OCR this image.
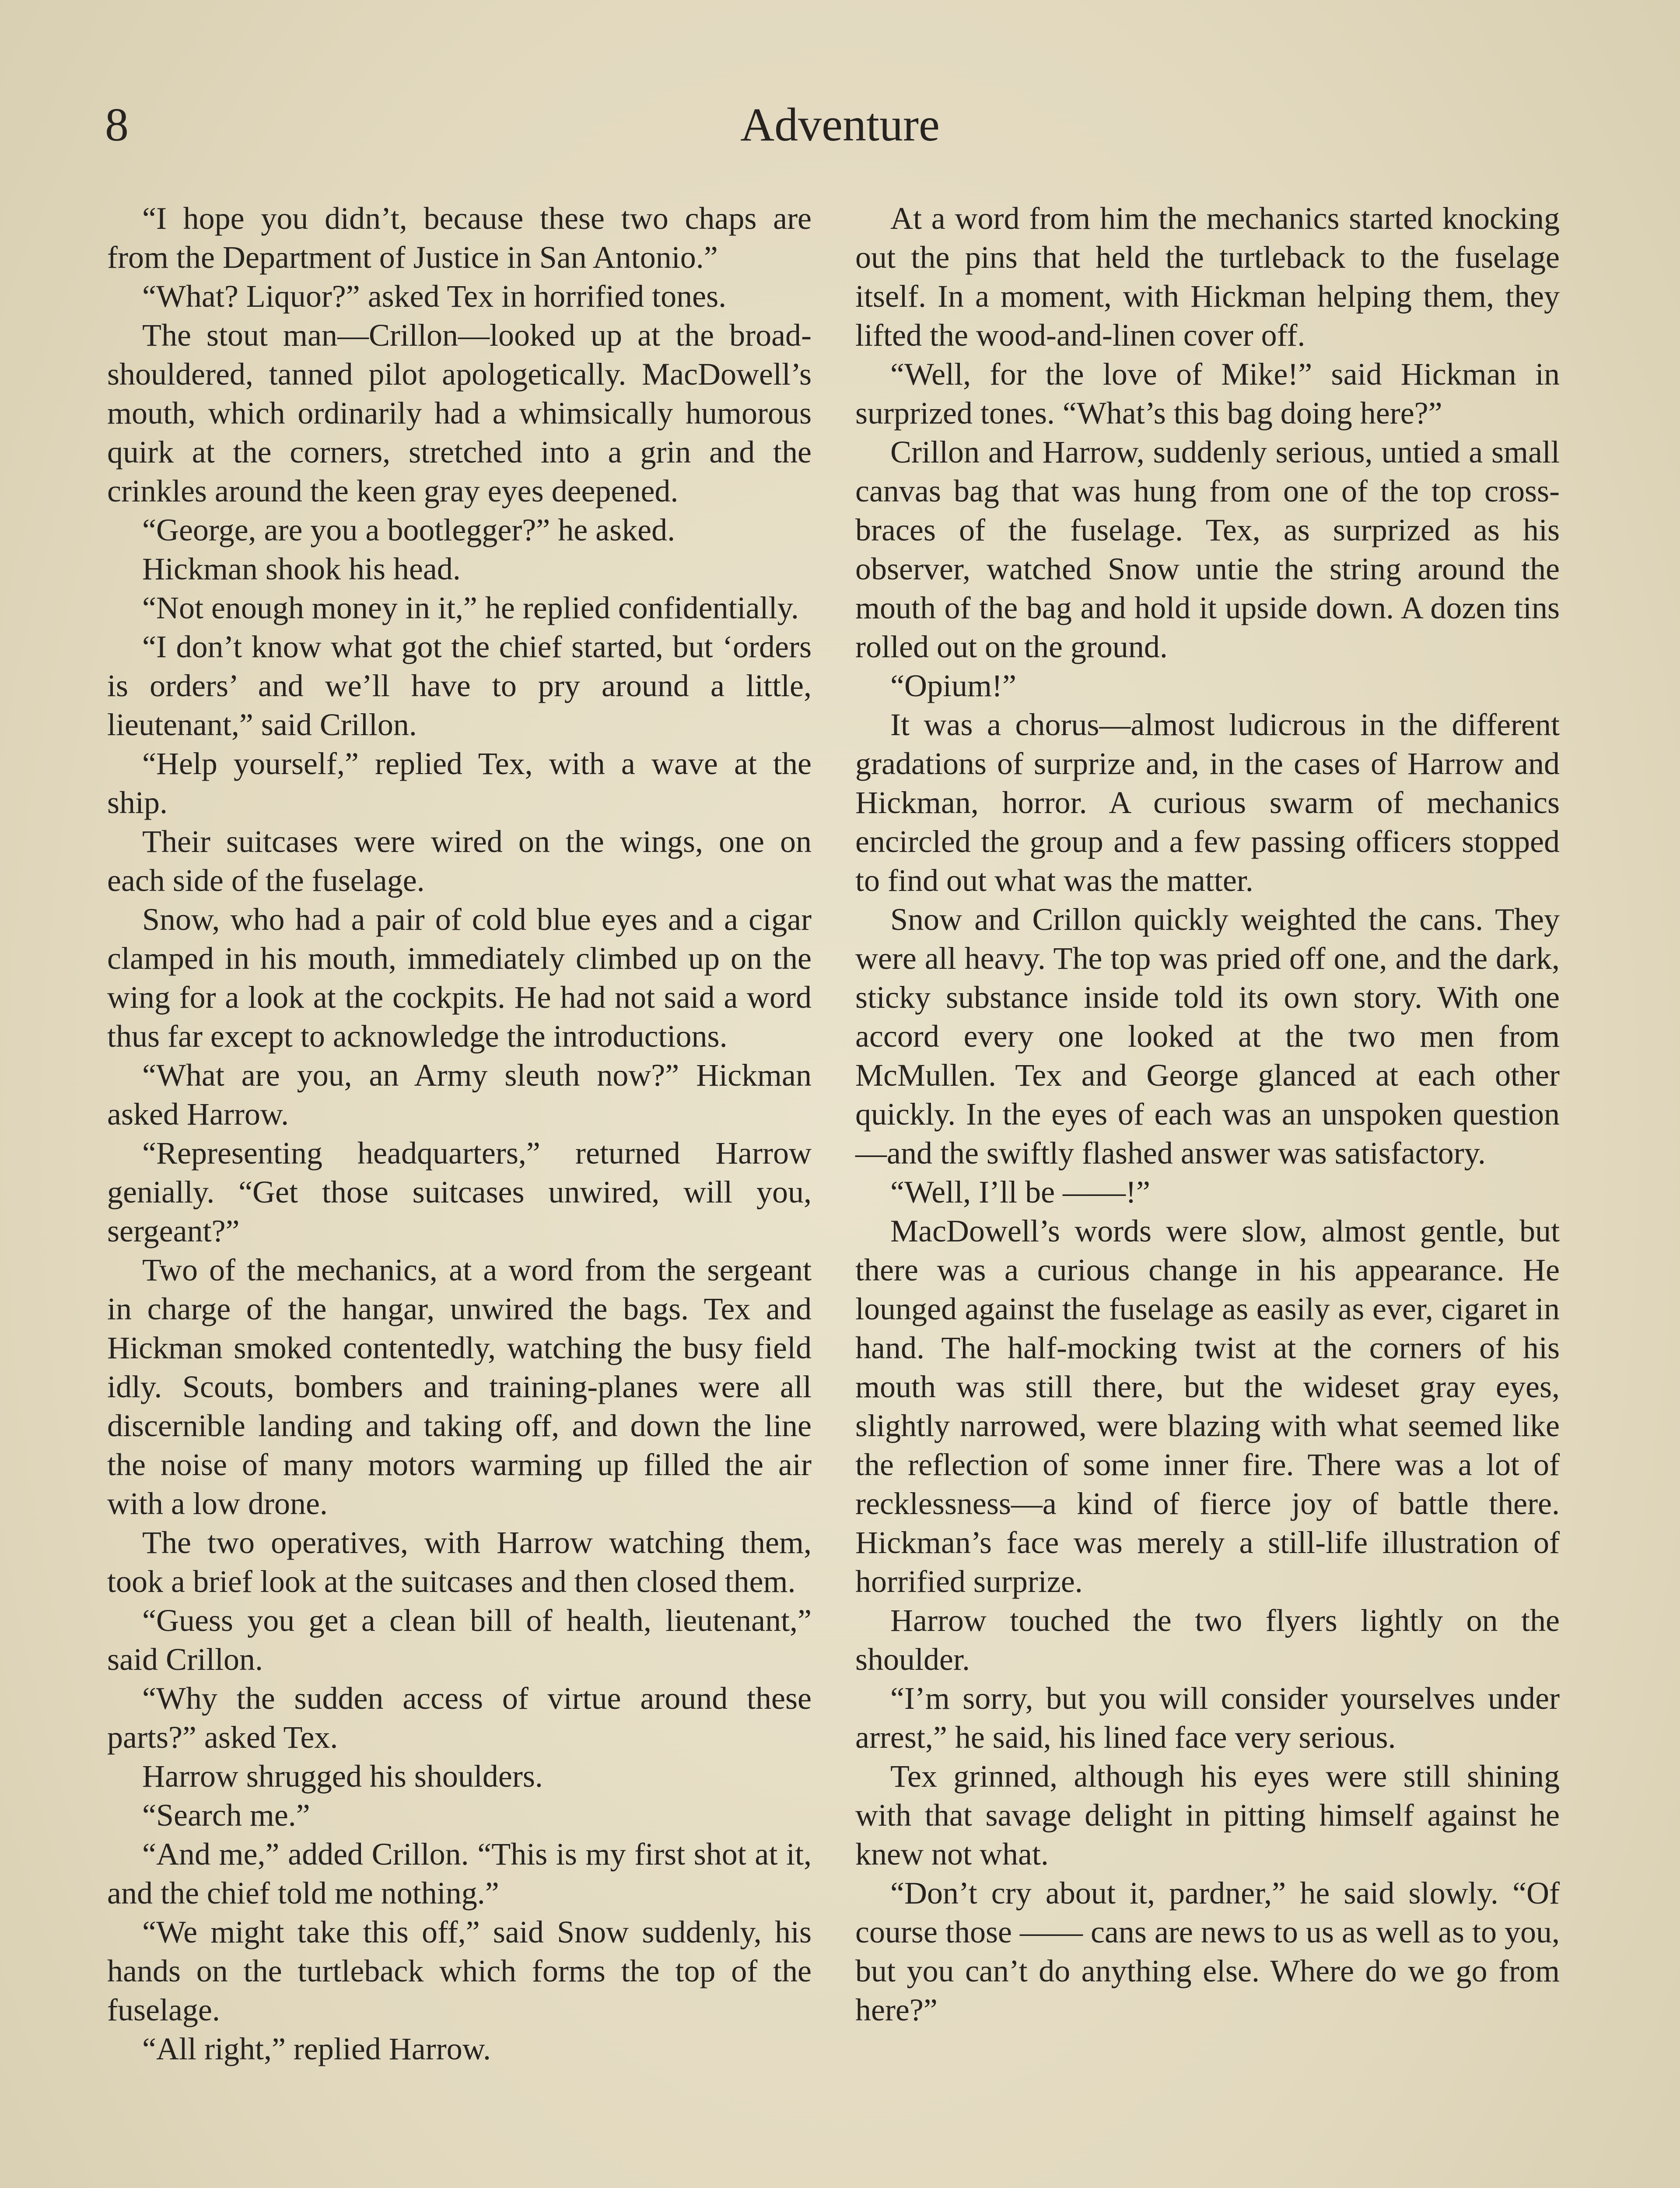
8	Adventure

“I hope you didn’t, because these two chaps are from the Department of Justice in San Antonio.”

“What? Liquor?” asked Tex in horrified tones.

The stout man—Crillon—looked up at the broad-shouldered, tanned pilot apologetically. MacDowell’s mouth, which ordinarily had a whimsically humorous quirk at the corners, stretched into a grin and the crinkles around the keen gray eyes deepened.

“George, are you a bootlegger?” he asked.

Hickman shook his head.

“Not enough money in it,” he replied confidentially.

“I don’t know what got the chief started, but ‘orders is orders’ and we’ll have to pry around a little, lieutenant,” said Crillon.

“Help yourself,” replied Tex, with a wave at the ship.

Their suitcases were wired on the wings, one on each side of the fuselage.

Snow, who had a pair of cold blue eyes and a cigar clamped in his mouth, immediately climbed up on the wing for a look at the cockpits. He had not said a word thus far except to acknowledge the introductions.

“What are you, an Army sleuth now?” Hickman asked Harrow.

“Representing headquarters,” returned Harrow genially. “Get those suitcases unwired, will you, sergeant?”

Two of the mechanics, at a word from the sergeant in charge of the hangar, unwired the bags. Tex and Hickman smoked contentedly, watching the busy field idly. Scouts, bombers and training-planes were all discernible landing and taking off, and down the line the noise of many motors warming up filled the air with a low drone.

The two operatives, with Harrow watching them, took a brief look at the suitcases and then closed them.

“Guess you get a clean bill of health, lieutenant,” said Crillon.

“Why the sudden access of virtue around these parts?” asked Tex.

Harrow shrugged his shoulders.

“Search me.”

“And me,” added Crillon. “This is my first shot at it, and the chief told me nothing.”

“We might take this off,” said Snow suddenly, his hands on the turtleback which forms the top of the fuselage.

“All right,” replied Harrow.

At a word from him the mechanics started knocking out the pins that held the turtleback to the fuselage itself. In a moment, with Hickman helping them, they lifted the wood-and-linen cover off.

“Well, for the love of Mike!” said Hickman in surprized tones. “What’s this bag doing here?”

Crillon and Harrow, suddenly serious, untied a small canvas bag that was hung from one of the top cross-braces of the fuselage. Tex, as surprized as his observer, watched Snow untie the string around the mouth of the bag and hold it upside down. A dozen tins rolled out on the ground.

“Opium!”

It was a chorus—almost ludicrous in the different gradations of surprize and, in the cases of Harrow and Hickman, horror. A curious swarm of mechanics encircled the group and a few passing officers stopped to find out what was the matter.

Snow and Crillon quickly weighted the cans. They were all heavy. The top was pried off one, and the dark, sticky substance inside told its own story. With one accord every one looked at the two men from McMullen. Tex and George glanced at each other quickly. In the eyes of each was an unspoken question—and the swiftly flashed answer was satisfactory.

“Well, I’ll be ——!”

MacDowell’s words were slow, almost gentle, but there was a curious change in his appearance. He lounged against the fuselage as easily as ever, cigaret in hand. The half-mocking twist at the corners of his mouth was still there, but the wideset gray eyes, slightly narrowed, were blazing with what seemed like the reflection of some inner fire. There was a lot of recklessness—a kind of fierce joy of battle there. Hickman’s face was merely a still-life illustration of horrified surprize.

Harrow touched the two flyers lightly on the shoulder.

“I’m sorry, but you will consider yourselves under arrest,” he said, his lined face very serious.

Tex grinned, although his eyes were still shining with that savage delight in pitting himself against he knew not what.

“Don’t cry about it, pardner,” he said slowly. “Of course those —— cans are news to us as well as to you, but you can’t do anything else. Where do we go from here?”
